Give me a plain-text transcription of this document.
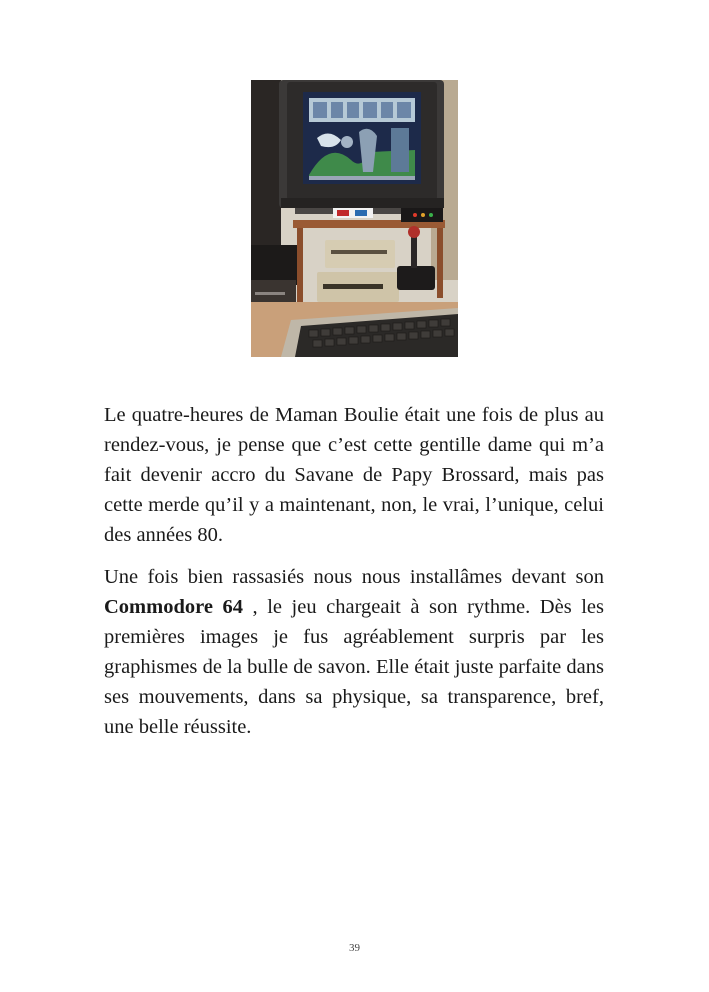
Le quatre-heures de Maman Boulie était une fois de plus au rendez-vous, je pense que c’est cette gentille dame qui m’a fait devenir accro du Savane de Papy Brossard, mais pas cette merde qu’il y a maintenant, non, le vrai, l’unique, celui des années 80.

Une fois bien rassasiés nous nous installâmes devant son Commodore 64 , le jeu chargeait à son rythme. Dès les premières images je fus agréablement surpris par les graphismes de la bulle de savon. Elle était juste parfaite dans ses mouvements, dans sa physique, sa transparence, bref, une belle réussite.

39
